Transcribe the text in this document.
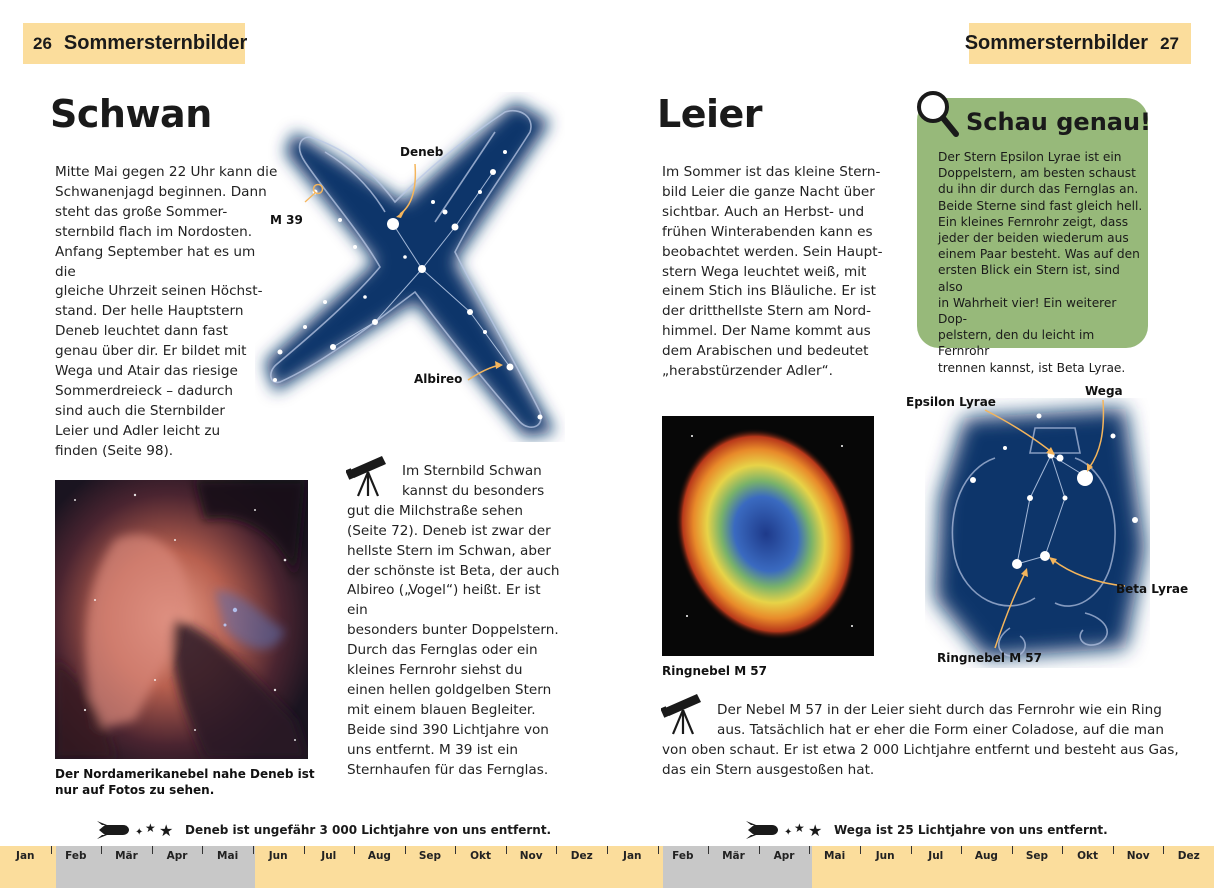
26 Sommersternbilder	Sommersternbilder 27
Schwan	Leier
Mitte Mai gegen 22 Uhr kann die
Schwanenjagd beginnen. Dann
steht das große Sommer-
sternbild flach im Nordosten.
Anfang September hat es um die
gleiche Uhrzeit seinen Höchst-
stand. Der helle Hauptstern
Deneb leuchtet dann fast
genau über dir. Er bildet mit
Wega und Atair das riesige
Sommerdreieck – dadurch
sind auch die Sternbilder
Leier und Adler leicht zu
finden (Seite 98).
Deneb
M 39
Albireo
Der Nordamerikanebel nahe Deneb ist
nur auf Fotos zu sehen.
Im Sternbild Schwan
kannst du besonders
gut die Milchstraße sehen
(Seite 72). Deneb ist zwar der
hellste Stern im Schwan, aber
der schönste ist Beta, der auch
Albireo („Vogel“) heißt. Er ist ein
besonders bunter Doppelstern.
Durch das Fernglas oder ein
kleines Fernrohr siehst du
einen hellen goldgelben Stern
mit einem blauen Begleiter.
Beide sind 390 Lichtjahre von
uns entfernt. M 39 ist ein
Sternhaufen für das Fernglas.
Im Sommer ist das kleine Stern-
bild Leier die ganze Nacht über
sichtbar. Auch an Herbst- und
frühen Winterabenden kann es
beobachtet werden. Sein Haupt-
stern Wega leuchtet weiß, mit
einem Stich ins Bläuliche. Er ist
der dritthellste Stern am Nord-
himmel. Der Name kommt aus
dem Arabischen und bedeutet
„herabstürzender Adler“.
Schau genau!
Der Stern Epsilon Lyrae ist ein
Doppelstern, am besten schaust
du ihn dir durch das Fernglas an.
Beide Sterne sind fast gleich hell.
Ein kleines Fernrohr zeigt, dass
jeder der beiden wiederum aus
einem Paar besteht. Was auf den
ersten Blick ein Stern ist, sind also
in Wahrheit vier! Ein weiterer Dop-
pelstern, den du leicht im Fernrohr
trennen kannst, ist Beta Lyrae.
Ringnebel M 57
Epsilon Lyrae
Wega
Beta Lyrae
Ringnebel M 57
Der Nebel M 57 in der Leier sieht durch das Fernrohr wie ein Ring
aus. Tatsächlich hat er eher die Form einer Coladose, auf die man
von oben schaut. Er ist etwa 2 000 Lichtjahre entfernt und besteht aus Gas,
das ein Stern ausgestoßen hat.
✦ ★ ★ Deneb ist ungefähr 3 000 Lichtjahre von uns entfernt.	✦ ★ ★ Wega ist 25 Lichtjahre von uns entfernt.
Jan	Feb	Mär	Apr	Mai	Jun	Jul	Aug	Sep	Okt	Nov	Dez	Jan	Feb	Mär	Apr	Mai	Jun	Jul	Aug	Sep	Okt	Nov	Dez
